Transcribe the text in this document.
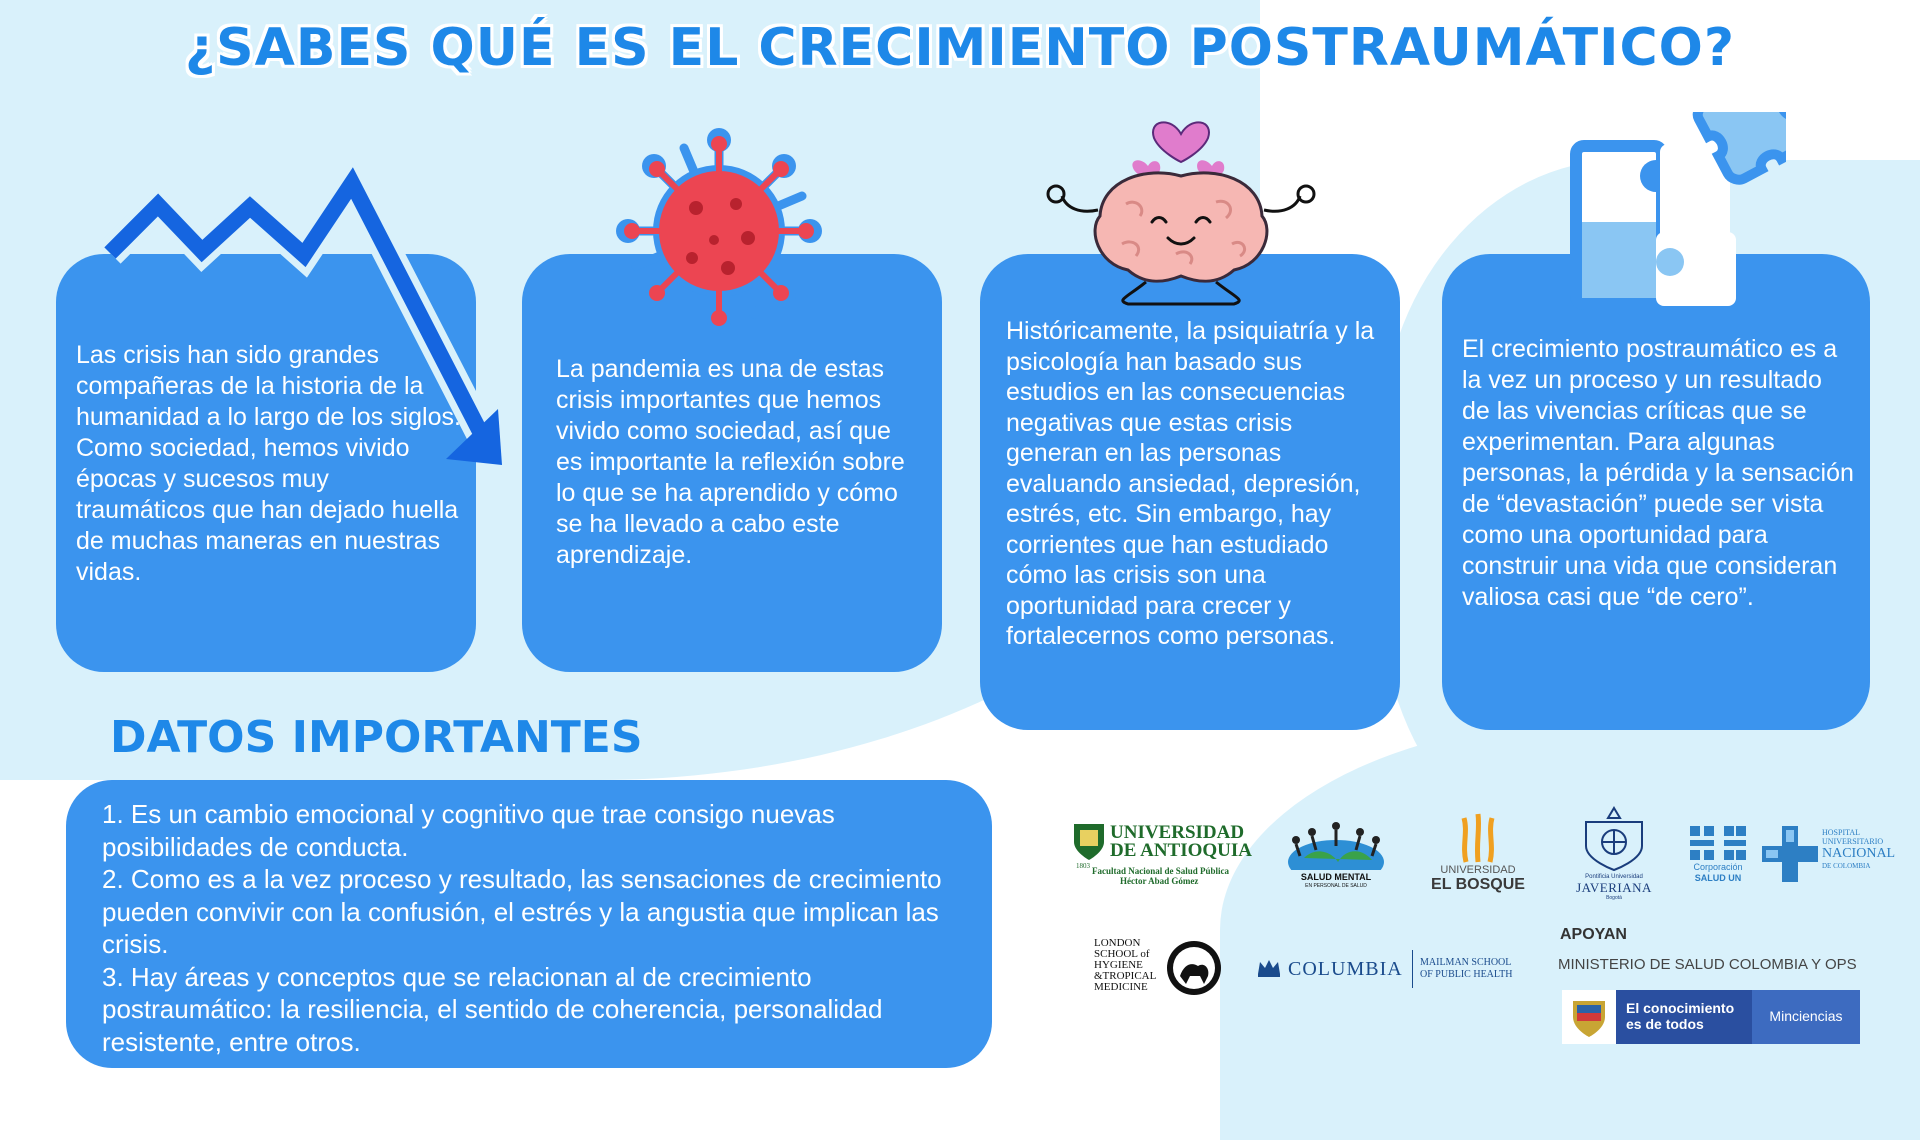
¿SABES QUÉ ES EL CRECIMIENTO POSTRAUMÁTICO?

Las crisis han sido grandes compañeras de la historia de la humanidad a lo largo de los siglos. Como sociedad, hemos vivido épocas y sucesos muy traumáticos que han dejado huella de muchas maneras en nuestras vidas.

La pandemia es una de estas crisis importantes que hemos vivido como sociedad, así que es importante la reflexión sobre lo que se ha aprendido y cómo se ha llevado a cabo este aprendizaje.

Históricamente, la psiquiatría y la psicología han basado sus estudios en las consecuencias negativas que estas crisis generan en las personas evaluando ansiedad, depresión, estrés, etc. Sin embargo, hay corrientes que han estudiado cómo las crisis son una oportunidad para crecer y fortalecernos como personas.

El crecimiento postraumático es a la vez un proceso y un resultado de las vivencias críticas que se experimentan. Para algunas personas, la pérdida y la sensación de “devastación” puede ser vista como una oportunidad para construir una vida que consideran valiosa casi que “de cero”.

DATOS IMPORTANTES
1. Es un cambio emocional y cognitivo que trae consigo nuevas posibilidades de conducta.
2. Como es a la vez proceso y resultado, las sensaciones de crecimiento pueden convivir con la confusión, el estrés y la angustia que implican las crisis.
3. Hay áreas y conceptos que se relacionan al de crecimiento postraumático: la resiliencia, el sentido de coherencia, personalidad resistente, entre otros.
UNIVERSIDAD
DE ANTIOQUIA
1803 Facultad Nacional de Salud Pública
Héctor Abad Gómez	SALUD MENTAL
EN PERSONAL DE SALUD
UNIVERSIDAD
EL BOSQUE	Pontificia Universidad
JAVERIANA
Bogotá
Corporación
SALUD UN
HOSPITAL
UNIVERSITARIO
NACIONAL
DE COLOMBIA
LONDON
SCHOOL of
HYGIENE
&TROPICAL
MEDICINE
COLUMBIA MAILMAN SCHOOL
OF PUBLIC HEALTH
APOYAN
MINISTERIO DE SALUD COLOMBIA Y OPS
El conocimiento
es de todos	Minciencias
